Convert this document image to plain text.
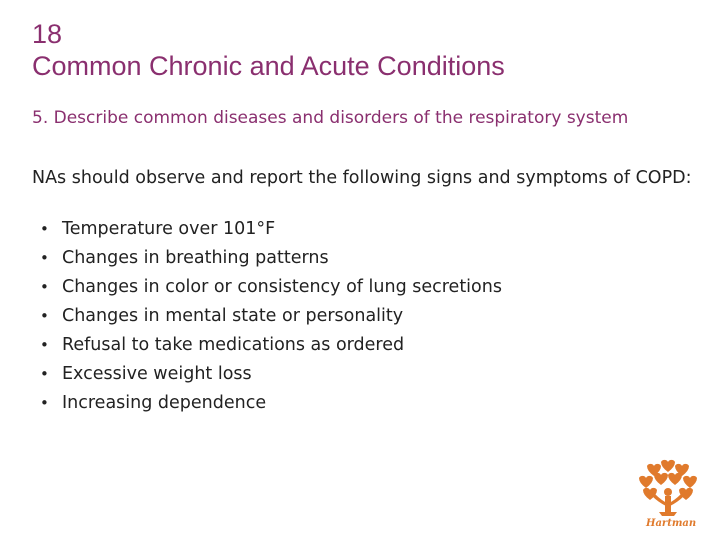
18
Common Chronic and Acute Conditions
5. Describe common diseases and disorders of the respiratory system
NAs should observe and report the following signs and symptoms of COPD:
• Temperature over 101°F
• Changes in breathing patterns
• Changes in color or consistency of lung secretions
• Changes in mental state or personality
• Refusal to take medications as ordered
• Excessive weight loss
• Increasing dependence
Hartman
